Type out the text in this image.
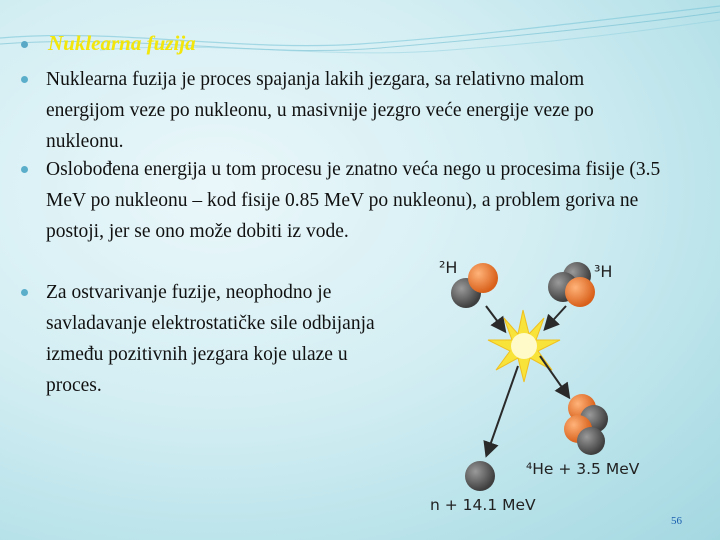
Nuklearna fuzija
Nuklearna fuzija je proces spajanja lakih jezgara, sa relativno malom energijom veze po nukleonu, u masivnije jezgro veće energije veze po nukleonu.
Oslobođena energija u tom procesu je znatno veća nego u procesima fisije (3.5 MeV po nukleonu – kod fisije 0.85 MeV po nukleonu), a problem goriva ne postoji, jer se ono može dobiti iz vode.
Za ostvarivanje fuzije, neophodno je savladavanje elektrostatičke sile odbijanja između pozitivnih jezgara koje ulaze u proces.
²H	³H
⁴He + 3.5 MeV
n + 14.1 MeV
56
